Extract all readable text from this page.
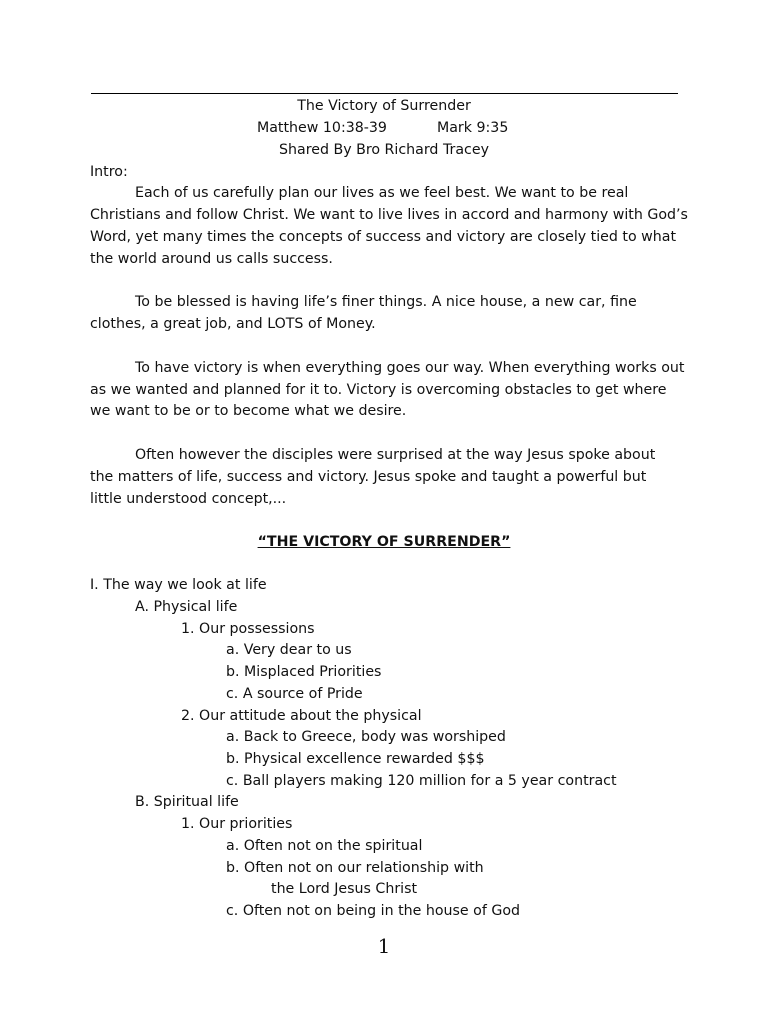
The Victory of Surrender
Matthew 10:38-39	Mark 9:35
Shared By Bro Richard Tracey
Intro:
Each of us carefully plan our lives as we feel best. We want to be real
Christians and follow Christ. We want to live lives in accord and harmony with God’s
Word, yet many times the concepts of success and victory are closely tied to what
the world around us calls success.
To be blessed is having life’s finer things. A nice house, a new car, fine
clothes, a great job, and LOTS of Money.
To have victory is when everything goes our way. When everything works out
as we wanted and planned for it to. Victory is overcoming obstacles to get where
we want to be or to become what we desire.
Often however the disciples were surprised at the way Jesus spoke about
the matters of life, success and victory. Jesus spoke and taught a powerful but
little understood concept,...
“THE VICTORY OF SURRENDER”
I. The way we look at life
A. Physical life
1. Our possessions
a. Very dear to us
b. Misplaced Priorities
c. A source of Pride
2. Our attitude about the physical
a. Back to Greece, body was worshiped
b. Physical excellence rewarded $$$
c. Ball players making 120 million for a 5 year contract
B. Spiritual life
1. Our priorities
a. Often not on the spiritual
b. Often not on our relationship with
the Lord Jesus Christ
c. Often not on being in the house of God
1
